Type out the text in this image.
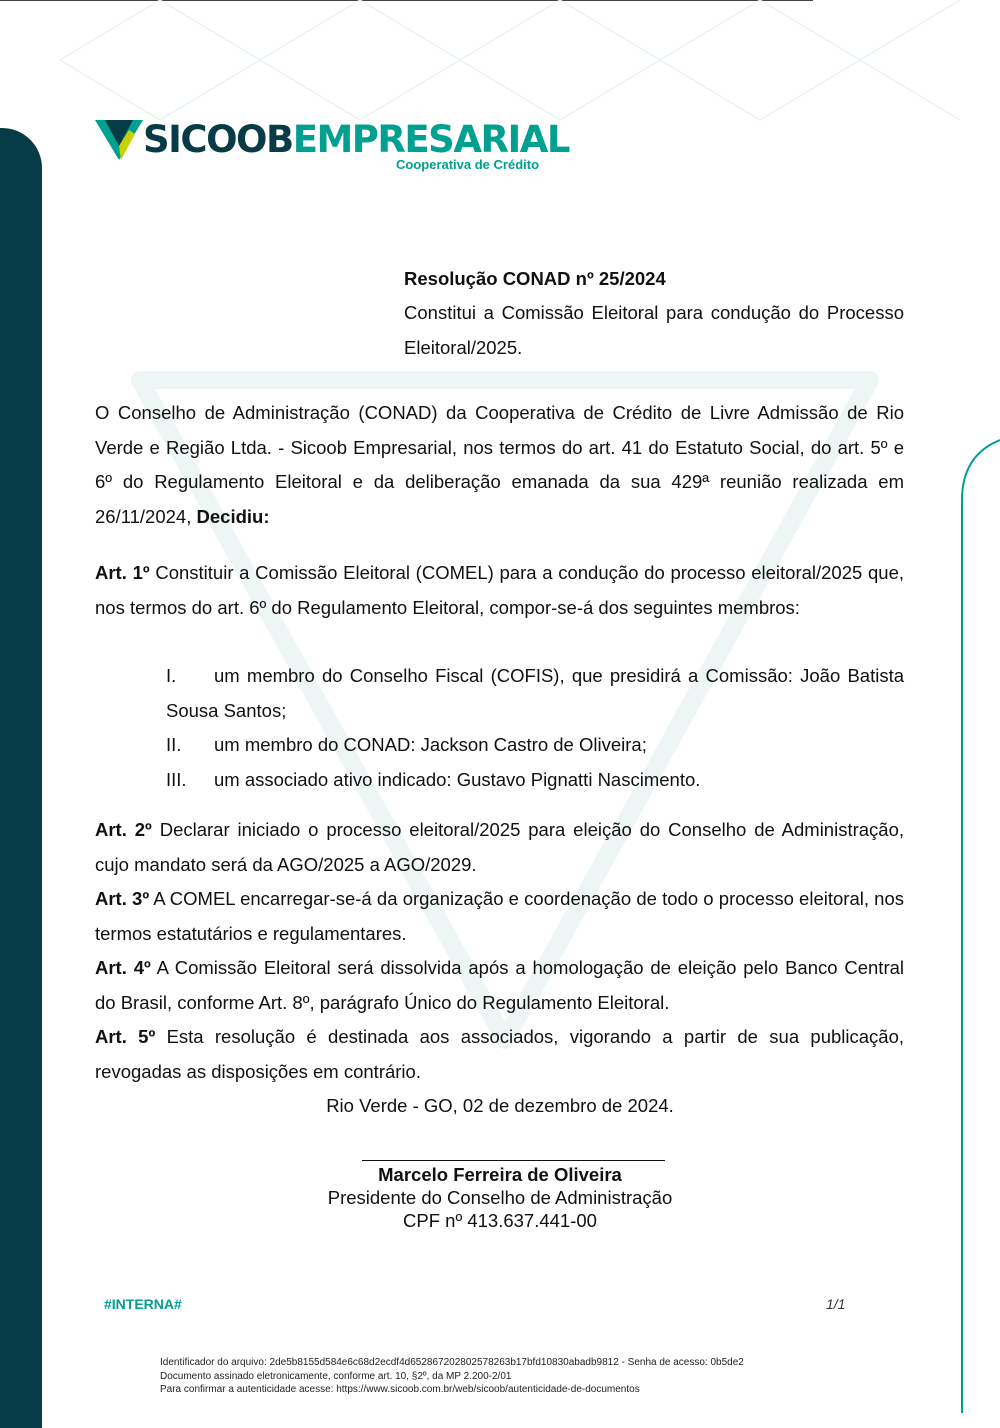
SICOOBEMPRESARIAL
Cooperativa de Crédito
Resolução CONAD nº 25/2024
Constitui a Comissão Eleitoral para condução do Processo Eleitoral/2025.
O Conselho de Administração (CONAD) da Cooperativa de Crédito de Livre Admissão de Rio Verde e Região Ltda. - Sicoob Empresarial, nos termos do art. 41 do Estatuto Social, do art. 5º e 6º do Regulamento Eleitoral e da deliberação emanada da sua 429ª reunião realizada em 26/11/2024, Decidiu:
Art. 1º Constituir a Comissão Eleitoral (COMEL) para a condução do processo eleitoral/2025 que, nos termos do art. 6º do Regulamento Eleitoral, compor-se-á dos seguintes membros:

I. um membro do Conselho Fiscal (COFIS), que presidirá a Comissão: João Batista Sousa Santos;

II. um membro do CONAD: Jackson Castro de Oliveira;

III. um associado ativo indicado: Gustavo Pignatti Nascimento.

Art. 2º Declarar iniciado o processo eleitoral/2025 para eleição do Conselho de Administração, cujo mandato será da AGO/2025 a AGO/2029.

Art. 3º A COMEL encarregar-se-á da organização e coordenação de todo o processo eleitoral, nos termos estatutários e regulamentares.

Art. 4º A Comissão Eleitoral será dissolvida após a homologação de eleição pelo Banco Central do Brasil, conforme Art. 8º, parágrafo Único do Regulamento Eleitoral.

Art. 5º Esta resolução é destinada aos associados, vigorando a partir de sua publicação, revogadas as disposições em contrário.

Rio Verde - GO, 02 de dezembro de 2024.
Marcelo Ferreira de Oliveira
Presidente do Conselho de Administração
CPF nº 413.637.441-00
#INTERNA#	1/1
Identificador do arquivo: 2de5b8155d584e6c68d2ecdf4d652867202802578263b17bfd10830abadb9812 - Senha de acesso: 0b5de2
Documento assinado eletronicamente, conforme art. 10, §2º, da MP 2.200-2/01
Para confirmar a autenticidade acesse: https://www.sicoob.com.br/web/sicoob/autenticidade-de-documentos
